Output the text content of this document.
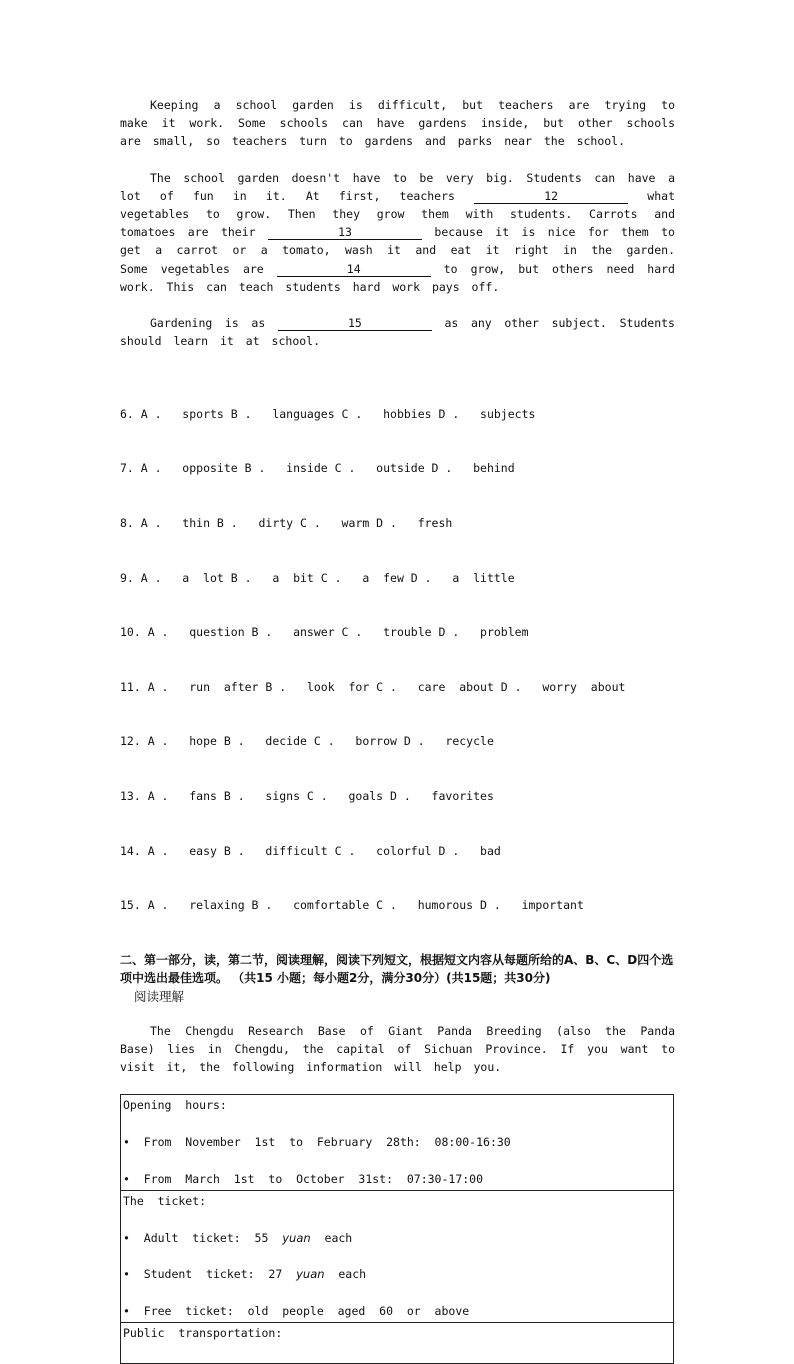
Keeping a school garden is difficult, but teachers are trying to make it work. Some schools can have gardens inside, but other schools are small, so teachers turn to gardens and parks near the school.

The school garden doesn't have to be very big. Students can have a lot of fun in it. At first, teachers	12	what vegetables to grow. Then they grow them with students. Carrots and tomatoes are their	13	because it is nice for them to get a carrot or a tomato, wash it and eat it right in the garden. Some vegetables are	14	to grow, but others need hard work. This can teach students hard work pays off.

Gardening is as	15	as any other subject. Students should learn it at school.

6. A .   sports B .   languages C .   hobbies D .   subjects

7. A .   opposite B .   inside C .   outside D .   behind

8. A .   thin B .   dirty C .   warm D .   fresh

9. A .   a  lot B .   a  bit C .   a  few D .   a  little

10. A .   question B .   answer C .   trouble D .   problem

11. A .   run  after B .   look  for C .   care  about D .   worry  about

12. A .   hope B .   decide C .   borrow D .   recycle

13. A .   fans B .   signs C .   goals D .   favorites

14. A .   easy B .   difficult C .   colorful D .   bad

15. A .   relaxing B .   comfortable C .   humorous D .   important

二、第一部分，读，第二节，阅读理解，阅读下列短文，根据短文内容从每题所给的A、B、C、D四个选项中选出最佳选项。 （共15 小题；每小题2分，满分30分）(共15题；共30分)

阅读理解

The Chengdu Research Base of Giant Panda Breeding (also the Panda Base) lies in Chengdu, the capital of Sichuan Province. If you want to visit it, the following information will help you.

Opening  hours:
•  From  November  1st  to  February  28th:  08:00-16:30
•  From  March  1st  to  October  31st:  07:30-17:00

The  ticket:
•  Adult  ticket:  55  yuan  each
•  Student  ticket:  27  yuan  each
•  Free  ticket:  old  people  aged  60  or  above

Public  transportation:
